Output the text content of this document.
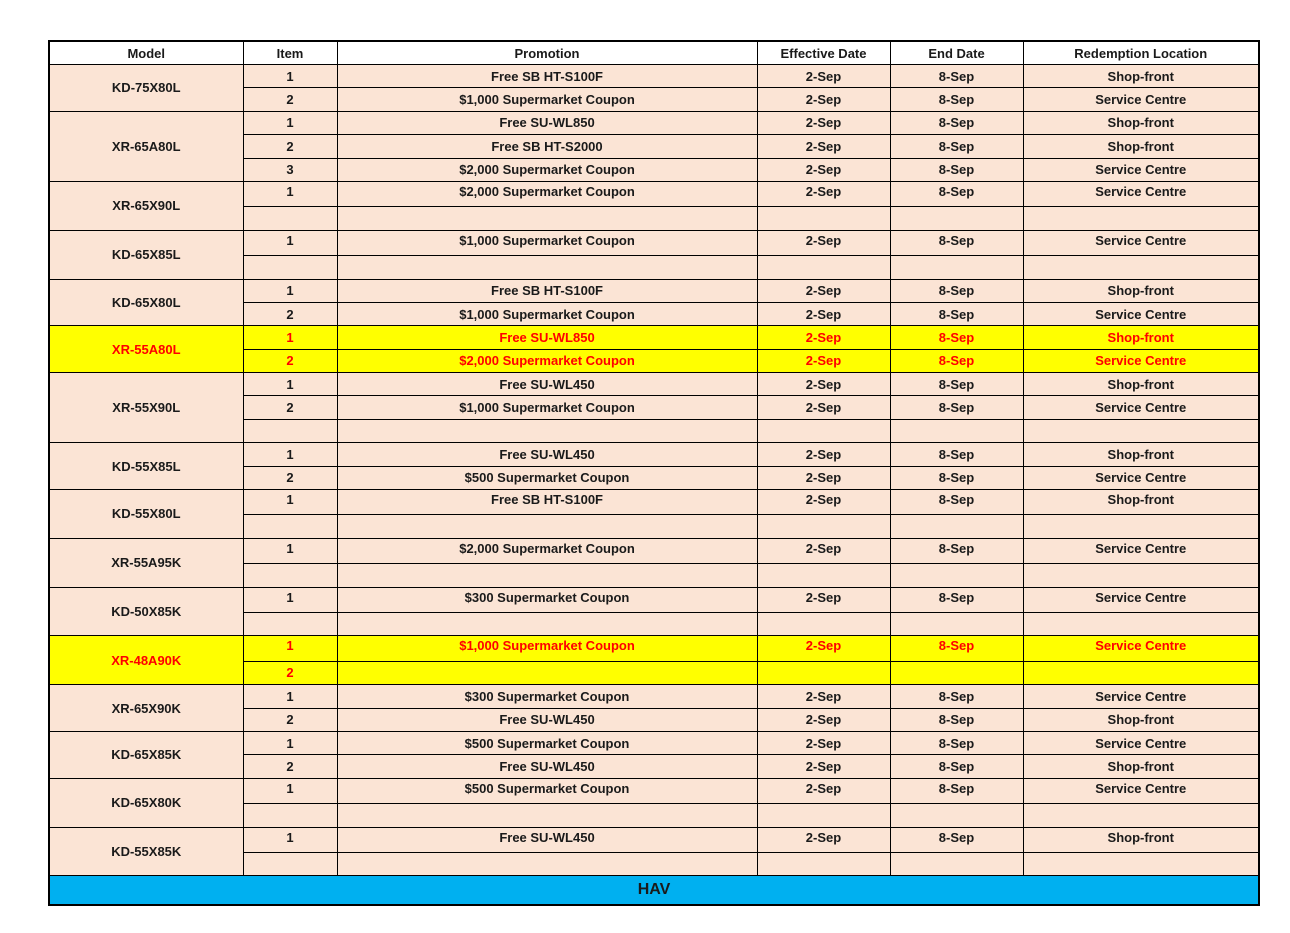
Model	Item	Promotion	Effective Date	End Date	Redemption Location
KD-75X80L	1	Free SB HT-S100F	2-Sep	8-Sep	Shop-front
	2	$1,000 Supermarket Coupon	2-Sep	8-Sep	Service Centre
XR-65A80L	1	Free SU-WL850	2-Sep	8-Sep	Shop-front
	2	Free SB HT-S2000	2-Sep	8-Sep	Shop-front
	3	$2,000 Supermarket Coupon	2-Sep	8-Sep	Service Centre
XR-65X90L	1	$2,000 Supermarket Coupon	2-Sep	8-Sep	Service Centre

KD-65X85L	1	$1,000 Supermarket Coupon	2-Sep	8-Sep	Service Centre

KD-65X80L	1	Free SB HT-S100F	2-Sep	8-Sep	Shop-front
	2	$1,000 Supermarket Coupon	2-Sep	8-Sep	Service Centre
XR-55A80L	1	Free SU-WL850	2-Sep	8-Sep	Shop-front
	2	$2,000 Supermarket Coupon	2-Sep	8-Sep	Service Centre
XR-55X90L	1	Free SU-WL450	2-Sep	8-Sep	Shop-front
	2	$1,000 Supermarket Coupon	2-Sep	8-Sep	Service Centre

KD-55X85L	1	Free SU-WL450	2-Sep	8-Sep	Shop-front
	2	$500 Supermarket Coupon	2-Sep	8-Sep	Service Centre
KD-55X80L	1	Free SB HT-S100F	2-Sep	8-Sep	Shop-front

XR-55A95K	1	$2,000 Supermarket Coupon	2-Sep	8-Sep	Service Centre

KD-50X85K	1	$300 Supermarket Coupon	2-Sep	8-Sep	Service Centre

XR-48A90K	1	$1,000 Supermarket Coupon	2-Sep	8-Sep	Service Centre
	2				
XR-65X90K	1	$300 Supermarket Coupon	2-Sep	8-Sep	Service Centre
	2	Free SU-WL450	2-Sep	8-Sep	Shop-front
KD-65X85K	1	$500 Supermarket Coupon	2-Sep	8-Sep	Service Centre
	2	Free SU-WL450	2-Sep	8-Sep	Shop-front
KD-65X80K	1	$500 Supermarket Coupon	2-Sep	8-Sep	Service Centre

KD-55X85K	1	Free SU-WL450	2-Sep	8-Sep	Shop-front

HAV					
